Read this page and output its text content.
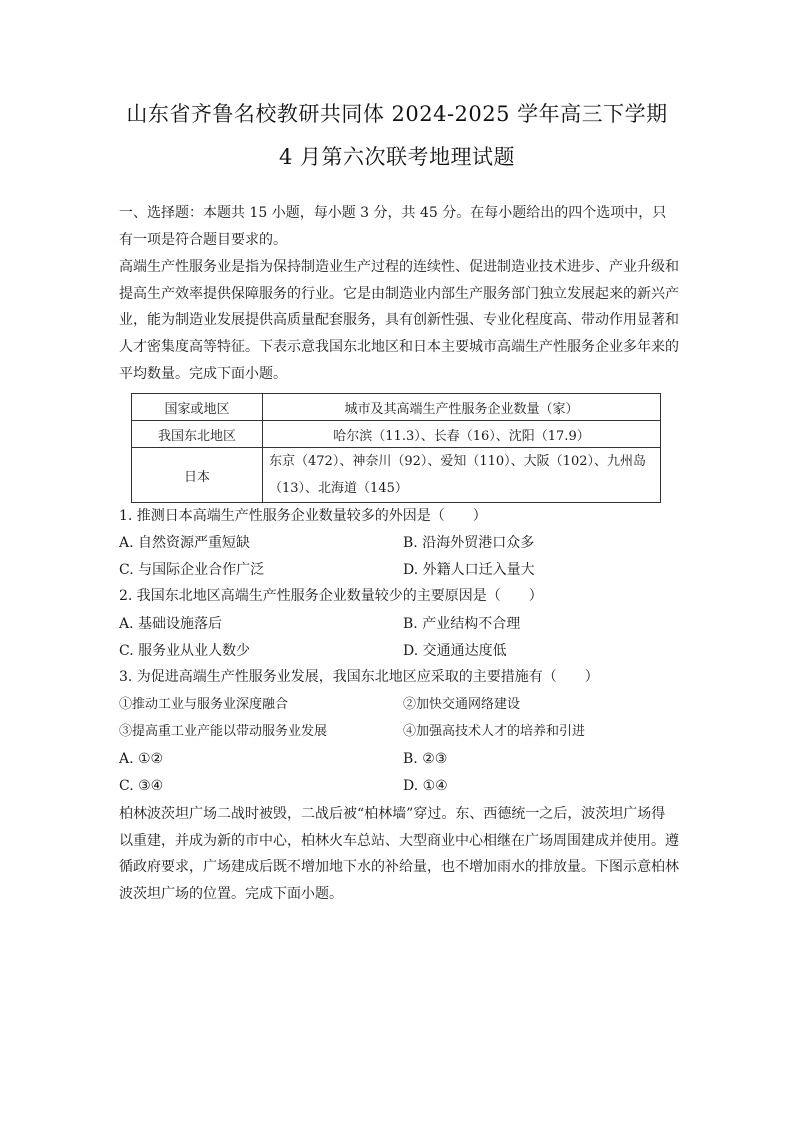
山东省齐鲁名校教研共同体 2024-2025 学年高三下学期
4 月第六次联考地理试题
一、选择题：本题共 15 小题，每小题 3 分，共 45 分。在每小题给出的四个选项中，只有一项是符合题目要求的。
高端生产性服务业是指为保持制造业生产过程的连续性、促进制造业技术进步、产业升级和提高生产效率提供保障服务的行业。它是由制造业内部生产服务部门独立发展起来的新兴产业，能为制造业发展提供高质量配套服务，具有创新性强、专业化程度高、带动作用显著和人才密集度高等特征。下表示意我国东北地区和日本主要城市高端生产性服务企业多年来的平均数量。完成下面小题。
国家或地区	城市及其高端生产性服务企业数量（家）
我国东北地区	哈尔滨（11.3）、长春（16）、沈阳（17.9）
日本	东京（472）、神奈川（92）、爱知（110）、大阪（102）、九州岛（13）、北海道（145）
1. 推测日本高端生产性服务企业数量较多的外因是（　　）
A. 自然资源严重短缺	B. 沿海外贸港口众多
C. 与国际企业合作广泛	D. 外籍人口迁入量大
2. 我国东北地区高端生产性服务企业数量较少的主要原因是（　　）
A. 基础设施落后	B. 产业结构不合理
C. 服务业从业人数少	D. 交通通达度低
3. 为促进高端生产性服务业发展，我国东北地区应采取的主要措施有（　　）
①推动工业与服务业深度融合	②加快交通网络建设
③提高重工业产能以带动服务业发展	④加强高技术人才的培养和引进
A. ①②	B. ②③
C. ③④	D. ①④
柏林波茨坦广场二战时被毁，二战后被“柏林墙”穿过。东、西德统一之后，波茨坦广场得以重建，并成为新的市中心，柏林火车总站、大型商业中心相继在广场周围建成并使用。遵循政府要求，广场建成后既不增加地下水的补给量，也不增加雨水的排放量。下图示意柏林波茨坦广场的位置。完成下面小题。
